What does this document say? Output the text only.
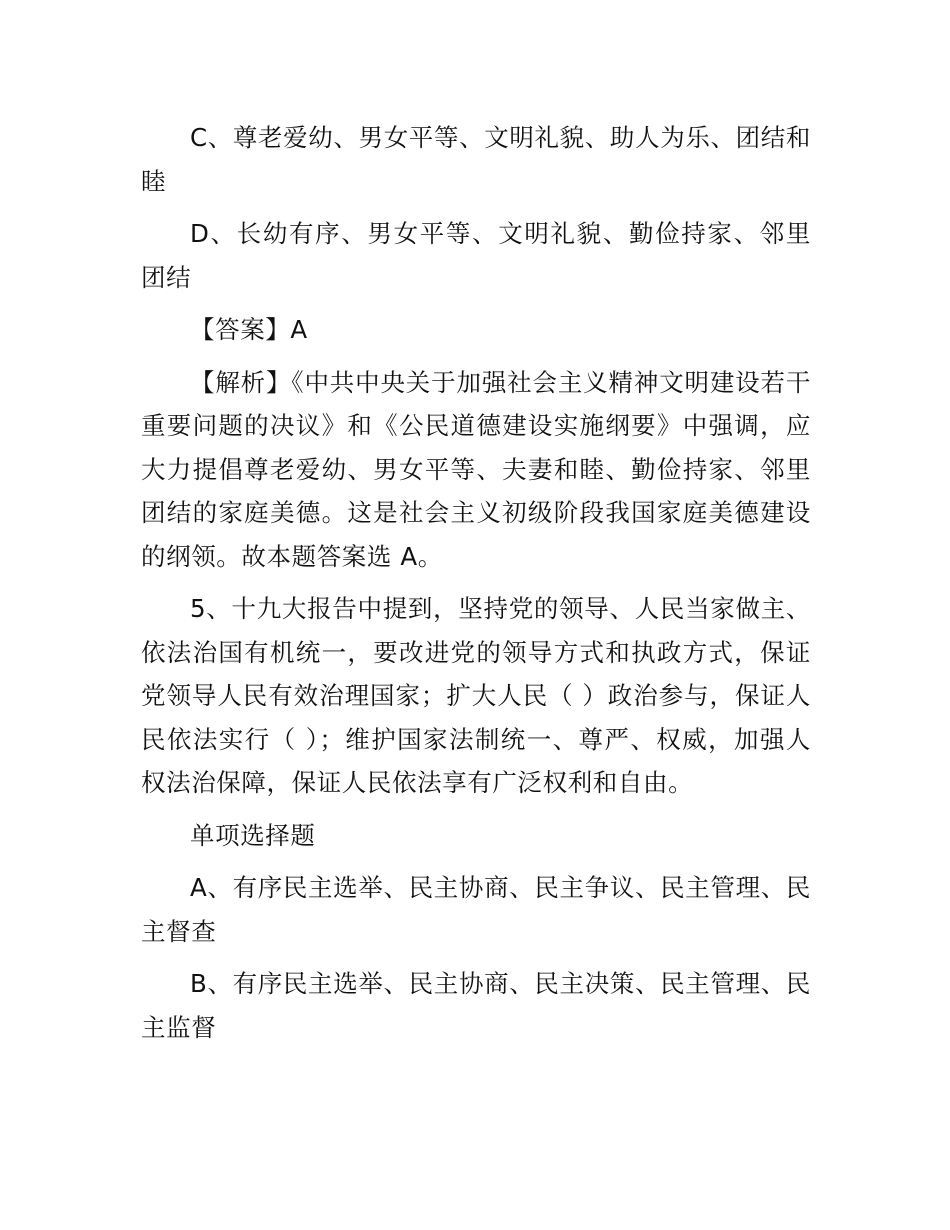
C、尊老爱幼、男女平等、文明礼貌、助人为乐、团结和睦

D、长幼有序、男女平等、文明礼貌、勤俭持家、邻里团结

【答案】A

【解析】《中共中央关于加强社会主义精神文明建设若干重要问题的决议》和《公民道德建设实施纲要》中强调，应大力提倡尊老爱幼、男女平等、夫妻和睦、勤俭持家、邻里团结的家庭美德。这是社会主义初级阶段我国家庭美德建设的纲领。故本题答案选 A。

5、十九大报告中提到，坚持党的领导、人民当家做主、依法治国有机统一，要改进党的领导方式和执政方式，保证党领导人民有效治理国家；扩大人民（ ）政治参与，保证人民依法实行（ ）；维护国家法制统一、尊严、权威，加强人权法治保障，保证人民依法享有广泛权利和自由。

单项选择题

A、有序民主选举、民主协商、民主争议、民主管理、民主督查

B、有序民主选举、民主协商、民主决策、民主管理、民主监督
